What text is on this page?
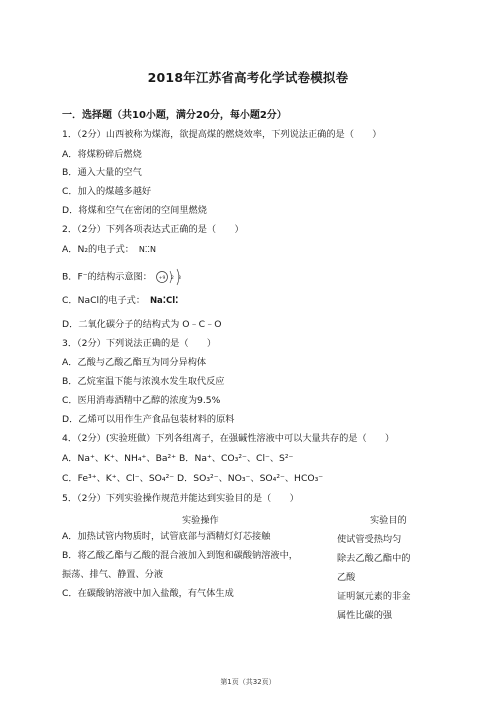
2018年江苏省高考化学试卷模拟卷
一．选择题（共10小题，满分20分，每小题2分）
1．（2分）山西被称为煤海，欲提高煤的燃烧效率，下列说法正确的是（　　）
A．将煤粉碎后燃烧
B．通入大量的空气
C．加入的煤越多越好
D．将煤和空气在密闭的空间里燃烧
2．（2分）下列各项表达式正确的是（　　）
A．N₂的电子式： N⁚⁚N
B．F⁻的结构示意图： +9 2 8
C．NaCl的电子式： Na⁚Cl⁚
D．二氧化碳分子的结构式为 O﹣C﹣O
3．（2分）下列说法正确的是（　　）
A．乙酸与乙酸乙酯互为同分异构体
B．乙烷室温下能与浓溴水发生取代反应
C．医用消毒酒精中乙醇的浓度为9.5%
D．乙烯可以用作生产食品包装材料的原料
4．（2分）(实验班做）下列各组离子，在强碱性溶液中可以大量共存的是（　　）
A．Na⁺、K⁺、NH₄⁺、Ba²⁺ B．Na⁺、CO₃²⁻、Cl⁻、S²⁻
C．Fe³⁺、K⁺、Cl⁻、SO₄²⁻ D．SO₃²⁻、NO₃⁻、SO₄²⁻、HCO₃⁻
5．（2分）下列实验操作规范并能达到实验目的是（　　）
实验操作	实验目的
A．加热试管内物质时，试管底部与酒精灯灯芯接触	使试管受热均匀
B．将乙酸乙酯与乙酸的混合液加入到饱和碳酸钠溶液中，	除去乙酸乙酯中的
振荡、排气、静置、分液	乙酸
C．在碳酸钠溶液中加入盐酸，有气体生成	证明氯元素的非金
属性比碳的强
第1页（共32页）
